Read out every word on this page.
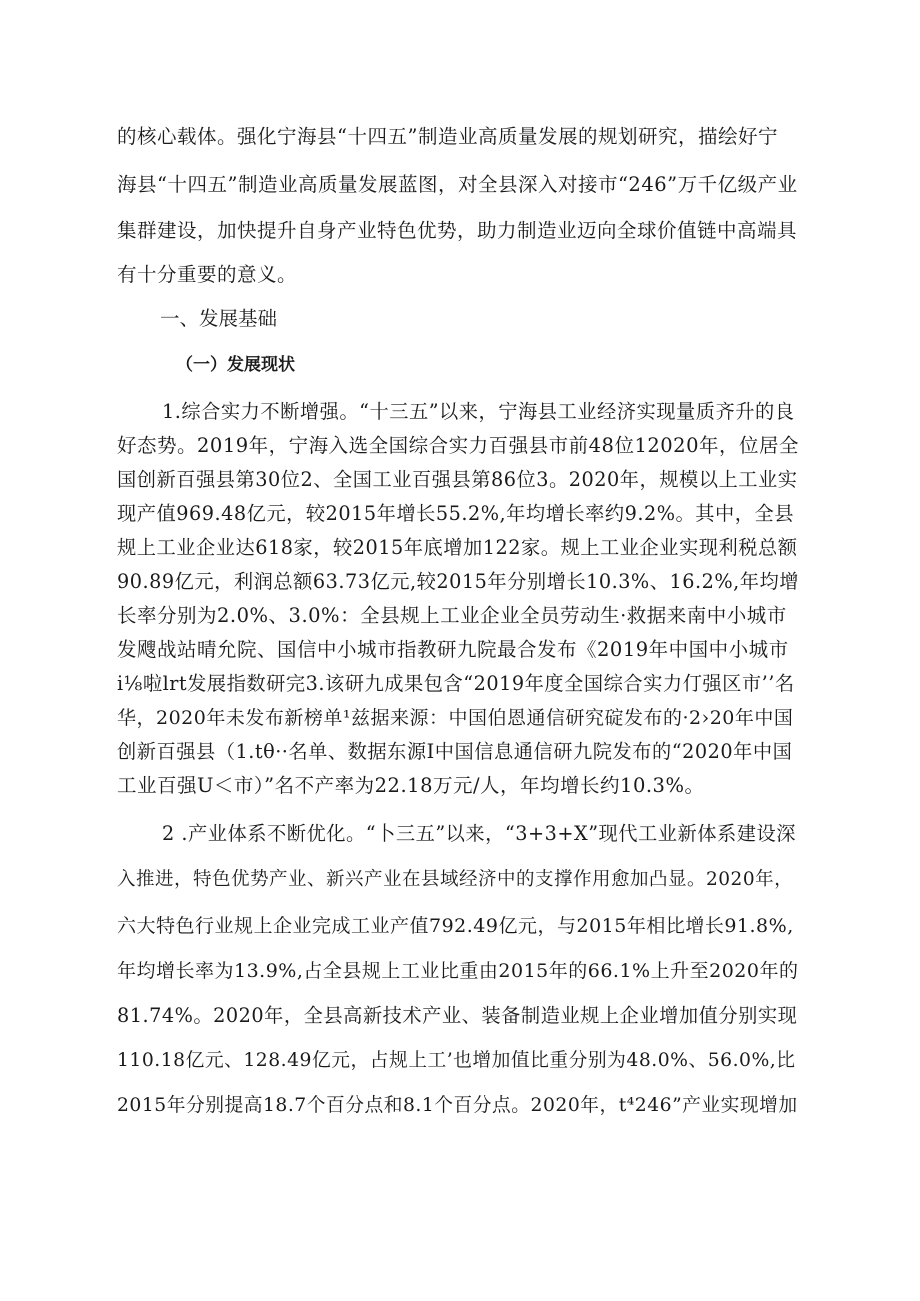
的核心载体。强化宁海县“十四五”制造业高质量发展的规划研究，描绘好宁
海县“十四五”制造业高质量发展蓝图，对全县深入对接市“246”万千亿级产业
集群建设，加快提升自身产业特色优势，助力制造业迈向全球价值链中高端具
有十分重要的意义。
一、发展基础
（一）发展现状
1.综合实力不断增强。“十三五”以来，宁海县工业经济实现量质齐升的良
好态势。2019年，宁海入选全国综合实力百强县市前48位12020年，位居全
国创新百强县第30位2、全国工业百强县第86位3。2020年，规模以上工业实
现产值969.48亿元，较2015年增长55.2%,年均增长率约9.2%。其中，全县
规上工业企业达618家，较2015年底增加122家。规上工业企业实现利税总额
90.89亿元，利润总额63.73亿元,较2015年分别增长10.3%、16.2%,年均增
长率分别为2.0%、3.0%：全县规上工业企业全员劳动生·救据来南中小城市
发飕战站晴允院、国信中小城市指教研九院最合发布《2019年中国中小城市
i⅛啦lrt发展指数研完3.该研九成果包含“2019年度全国综合实力仃强区市’’名
华，2020年未发布新榜单¹兹据来源：中国伯恩通信研究碇发布的·2›20年中国
创新百强县（1.tθ··名单、数据东源I中国信息通信研九院发布的“2020年中国
工业百强U＜市）”名不产率为22.18万元/人，年均增长约10.3%。
2 .产业体系不断优化。“卜三五”以来，“3+3+X”现代工业新体系建设深
入推进，特色优势产业、新兴产业在县域经济中的支撑作用愈加凸显。2020年，
六大特色行业规上企业完成工业产值792.49亿元，与2015年相比增长91.8%,
年均增长率为13.9%,占全县规上工业比重由2015年的66.1%上升至2020年的
81.74%。2020年，全县高新技术产业、装备制造业规上企业增加值分别实现
110.18亿元、128.49亿元，占规上工’也增加值比重分别为48.0%、56.0%,比
2015年分别提高18.7个百分点和8.1个百分点。2020年，t⁴246”产业实现增加
